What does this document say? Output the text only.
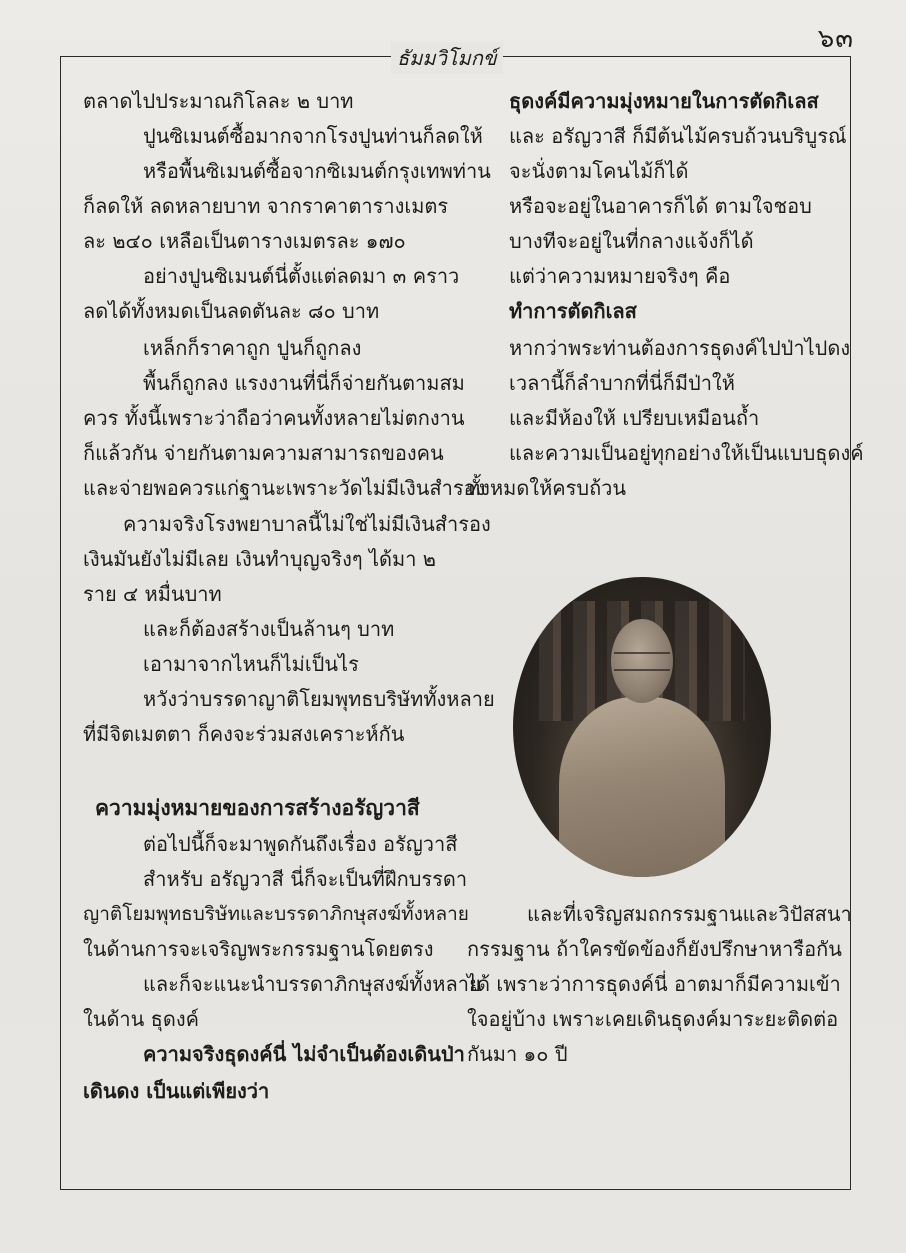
๖๓
ธัมมวิโมกข์
ตลาดไปประมาณกิโลละ ๒ บาท
ปูนซิเมนต์ซื้อมากจากโรงปูนท่านก็ลดให้
หรือพื้นซิเมนต์ซื้อจากซิเมนต์กรุงเทพท่าน
ก็ลดให้ ลดหลายบาท จากราคาตารางเมตร
ละ ๒๔๐ เหลือเป็นตารางเมตรละ ๑๗๐
อย่างปูนซิเมนต์นี่ตั้งแต่ลดมา ๓ คราว
ลดได้ทั้งหมดเป็นลดตันละ ๘๐ บาท
เหล็กก็ราคาถูก ปูนก็ถูกลง
พื้นก็ถูกลง แรงงานที่นี่ก็จ่ายกันตามสม
ควร ทั้งนี้เพราะว่าถือว่าคนทั้งหลายไม่ตกงาน
ก็แล้วกัน จ่ายกันตามความสามารถของคน
และจ่ายพอควรแก่ฐานะเพราะวัดไม่มีเงินสำรอง
ความจริงโรงพยาบาลนี้ไม่ใช่ไม่มีเงินสำรอง
เงินมันยังไม่มีเลย เงินทำบุญจริงๆ ได้มา ๒
ราย ๔ หมื่นบาท
และก็ต้องสร้างเป็นล้านๆ บาท
เอามาจากไหนก็ไม่เป็นไร
หวังว่าบรรดาญาติโยมพุทธบริษัททั้งหลาย
ที่มีจิตเมตตา ก็คงจะร่วมสงเคราะห์กัน
ความมุ่งหมายของการสร้างอรัญวาสี
ต่อไปนี้ก็จะมาพูดกันถึงเรื่อง อรัญวาสี
สำหรับ อรัญวาสี นี่ก็จะเป็นที่ฝึกบรรดา
ญาติโยมพุทธบริษัทและบรรดาภิกษุสงฆ์ทั้งหลาย
ในด้านการจะเจริญพระกรรมฐานโดยตรง
และก็จะแนะนำบรรดาภิกษุสงฆ์ทั้งหลาย
ในด้าน ธุดงค์
ความจริงธุดงค์นี่ ไม่จำเป็นต้องเดินป่า
เดินดง เป็นแต่เพียงว่า
ธุดงค์มีความมุ่งหมายในการตัดกิเลส
และ อรัญวาสี ก็มีต้นไม้ครบถ้วนบริบูรณ์
จะนั่งตามโคนไม้ก็ได้
หรือจะอยู่ในอาคารก็ได้ ตามใจชอบ
บางทีจะอยู่ในที่กลางแจ้งก็ได้
แต่ว่าความหมายจริงๆ คือ
ทำการตัดกิเลส
หากว่าพระท่านต้องการธุดงค์ไปป่าไปดง
เวลานี้ก็ลำบากที่นี่ก็มีป่าให้
และมีห้องให้ เปรียบเหมือนถ้ำ
และความเป็นอยู่ทุกอย่างให้เป็นแบบธุดงค์
ทั้งหมดให้ครบถ้วน
และที่เจริญสมถกรรมฐานและวิปัสสนา
กรรมฐาน ถ้าใครขัดข้องก็ยังปรึกษาหารือกัน
ได้ เพราะว่าการธุดงค์นี่ อาตมาก็มีความเข้า
ใจอยู่บ้าง เพราะเคยเดินธุดงค์มาระยะติดต่อ
กันมา ๑๐ ปี
